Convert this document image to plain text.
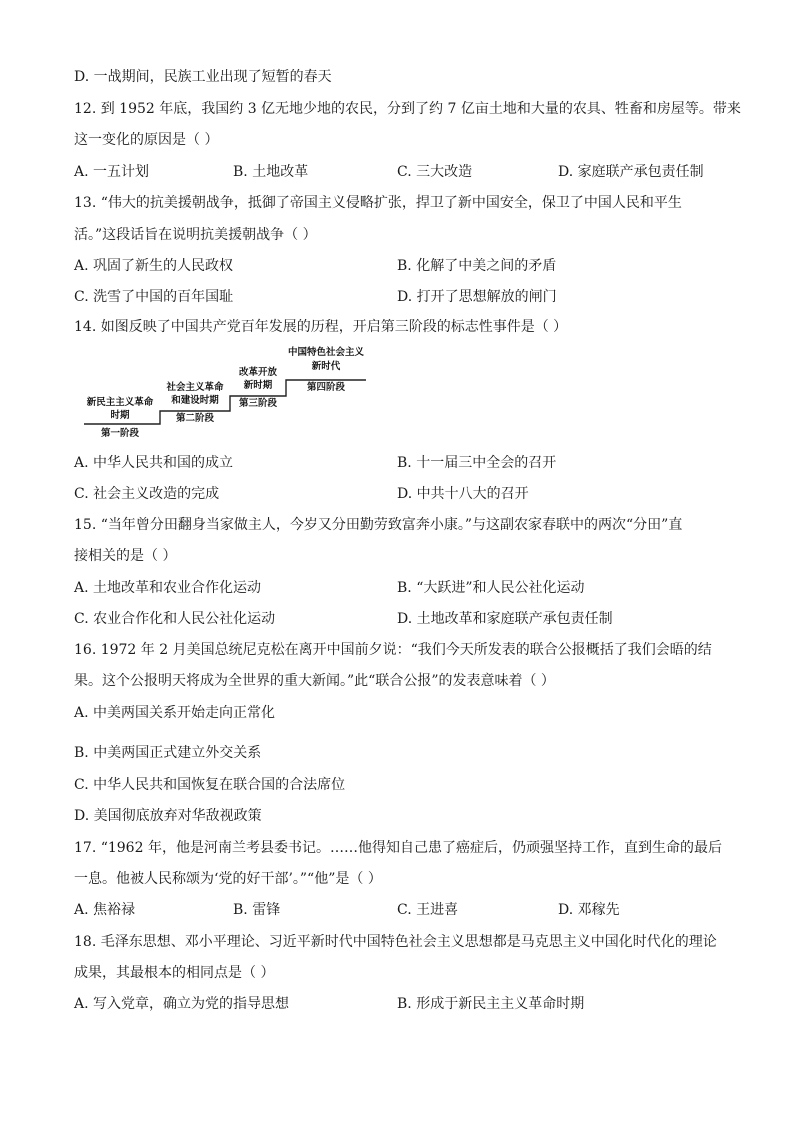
D. 一战期间，民族工业出现了短暂的春天
12. 到 1952 年底，我国约 3 亿无地少地的农民，分到了约 7 亿亩土地和大量的农具、牲畜和房屋等。带来
这一变化的原因是（ ）
A. 一五计划	B. 土地改革	C. 三大改造	D. 家庭联产承包责任制
13. “伟大的抗美援朝战争，抵御了帝国主义侵略扩张，捍卫了新中国安全，保卫了中国人民和平生
活。”这段话旨在说明抗美援朝战争（ ）
A. 巩固了新生的人民政权	B. 化解了中美之间的矛盾
C. 洗雪了中国的百年国耻	D. 打开了思想解放的闸门
14. 如图反映了中国共产党百年发展的历程，开启第三阶段的标志性事件是（ ）
新民主主义革命
时期
第一阶段
社会主义革命
和建设时期
第二阶段
改革开放
新时期
第三阶段
中国特色社会主义
新时代
第四阶段
A. 中华人民共和国的成立	B. 十一届三中全会的召开
C. 社会主义改造的完成	D. 中共十八大的召开
15. “当年曾分田翻身当家做主人，今岁又分田勤劳致富奔小康。”与这副农家春联中的两次“分田”直
接相关的是（ ）
A. 土地改革和农业合作化运动	B. “大跃进”和人民公社化运动
C. 农业合作化和人民公社化运动	D. 土地改革和家庭联产承包责任制
16. 1972 年 2 月美国总统尼克松在离开中国前夕说：“我们今天所发表的联合公报概括了我们会晤的结
果。这个公报明天将成为全世界的重大新闻。”此“联合公报”的发表意味着（ ）
A. 中美两国关系开始走向正常化
B. 中美两国正式建立外交关系
C. 中华人民共和国恢复在联合国的合法席位
D. 美国彻底放弃对华敌视政策
17. “1962 年，他是河南兰考县委书记。……他得知自己患了癌症后，仍顽强坚持工作，直到生命的最后
一息。他被人民称颂为‘党的好干部’。”“他”是（ ）
A. 焦裕禄	B. 雷锋	C. 王进喜	D. 邓稼先
18. 毛泽东思想、邓小平理论、习近平新时代中国特色社会主义思想都是马克思主义中国化时代化的理论
成果，其最根本的相同点是（ ）
A. 写入党章，确立为党的指导思想	B. 形成于新民主主义革命时期
